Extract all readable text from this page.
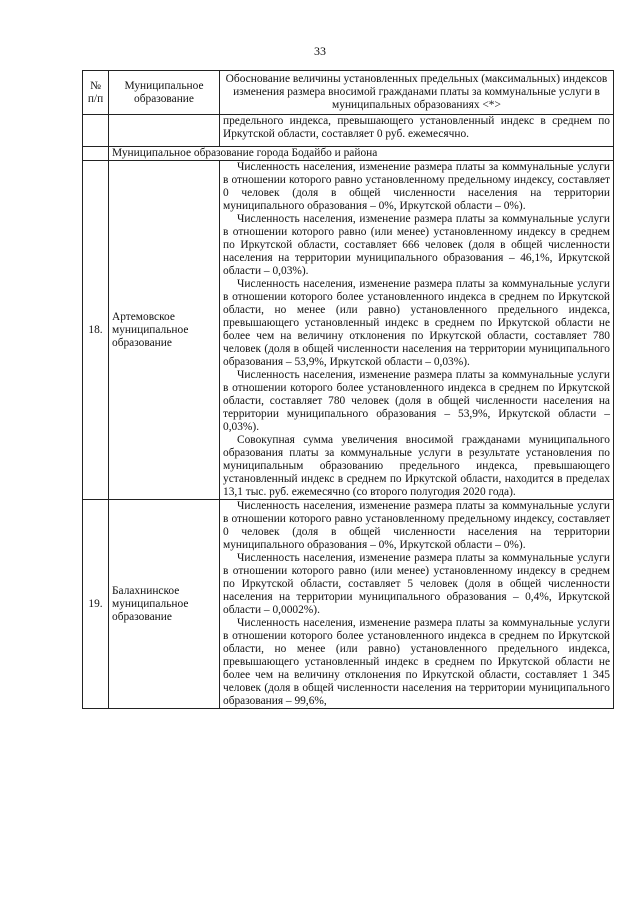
33
№ п/п	Муниципальное образование	Обоснование величины установленных предельных (максимальных) индексов изменения размера вносимой гражданами платы за коммунальные услуги в муниципальных образованиях <*>

		предельного индекса, превышающего установленный индекс в среднем по Иркутской области, составляет 0 руб. ежемесячно.

	Муниципальное образование города Бодайбо и района	
18.	Артемовское муниципальное образование	Численность населения, изменение размера платы за коммунальные услуги в отношении которого равно установленному предельному индексу, составляет 0 человек (доля в общей численности населения на территории муниципального образования – 0%, Иркутской области – 0%).

Численность населения, изменение размера платы за коммунальные услуги в отношении которого равно (или менее) установленному индексу в среднем по Иркутской области, составляет 666 человек (доля в общей численности населения на территории муниципального образования – 46,1%, Иркутской области – 0,03%).

Численность населения, изменение размера платы за коммунальные услуги в отношении которого более установленного индекса в среднем по Иркутской области, но менее (или равно) установленного предельного индекса, превышающего установленный индекс в среднем по Иркутской области не более чем на величину отклонения по Иркутской области, составляет 780 человек (доля в общей численности населения на территории муниципального образования – 53,9%, Иркутской области – 0,03%).

Численность населения, изменение размера платы за коммунальные услуги в отношении которого более установленного индекса в среднем по Иркутской области, составляет 780 человек (доля в общей численности населения на территории муниципального образования – 53,9%, Иркутской области – 0,03%).

Совокупная сумма увеличения вносимой гражданами муниципального образования платы за коммунальные услуги в результате установления по муниципальным образованию предельного индекса, превышающего установленный индекс в среднем по Иркутской области, находится в пределах 13,1 тыс. руб. ежемесячно (со второго полугодия 2020 года).

19.	Балахнинское муниципальное образование	Численность населения, изменение размера платы за коммунальные услуги в отношении которого равно установленному предельному индексу, составляет 0 человек (доля в общей численности населения на территории муниципального образования – 0%, Иркутской области – 0%).

Численность населения, изменение размера платы за коммунальные услуги в отношении которого равно (или менее) установленному индексу в среднем по Иркутской области, составляет 5 человек (доля в общей численности населения на территории муниципального образования – 0,4%, Иркутской области – 0,0002%).

Численность населения, изменение размера платы за коммунальные услуги в отношении которого более установленного индекса в среднем по Иркутской области, но менее (или равно) установленного предельного индекса, превышающего установленный индекс в среднем по Иркутской области не более чем на величину отклонения по Иркутской области, составляет 1 345 человек (доля в общей численности населения на территории муниципального образования – 99,6%,
